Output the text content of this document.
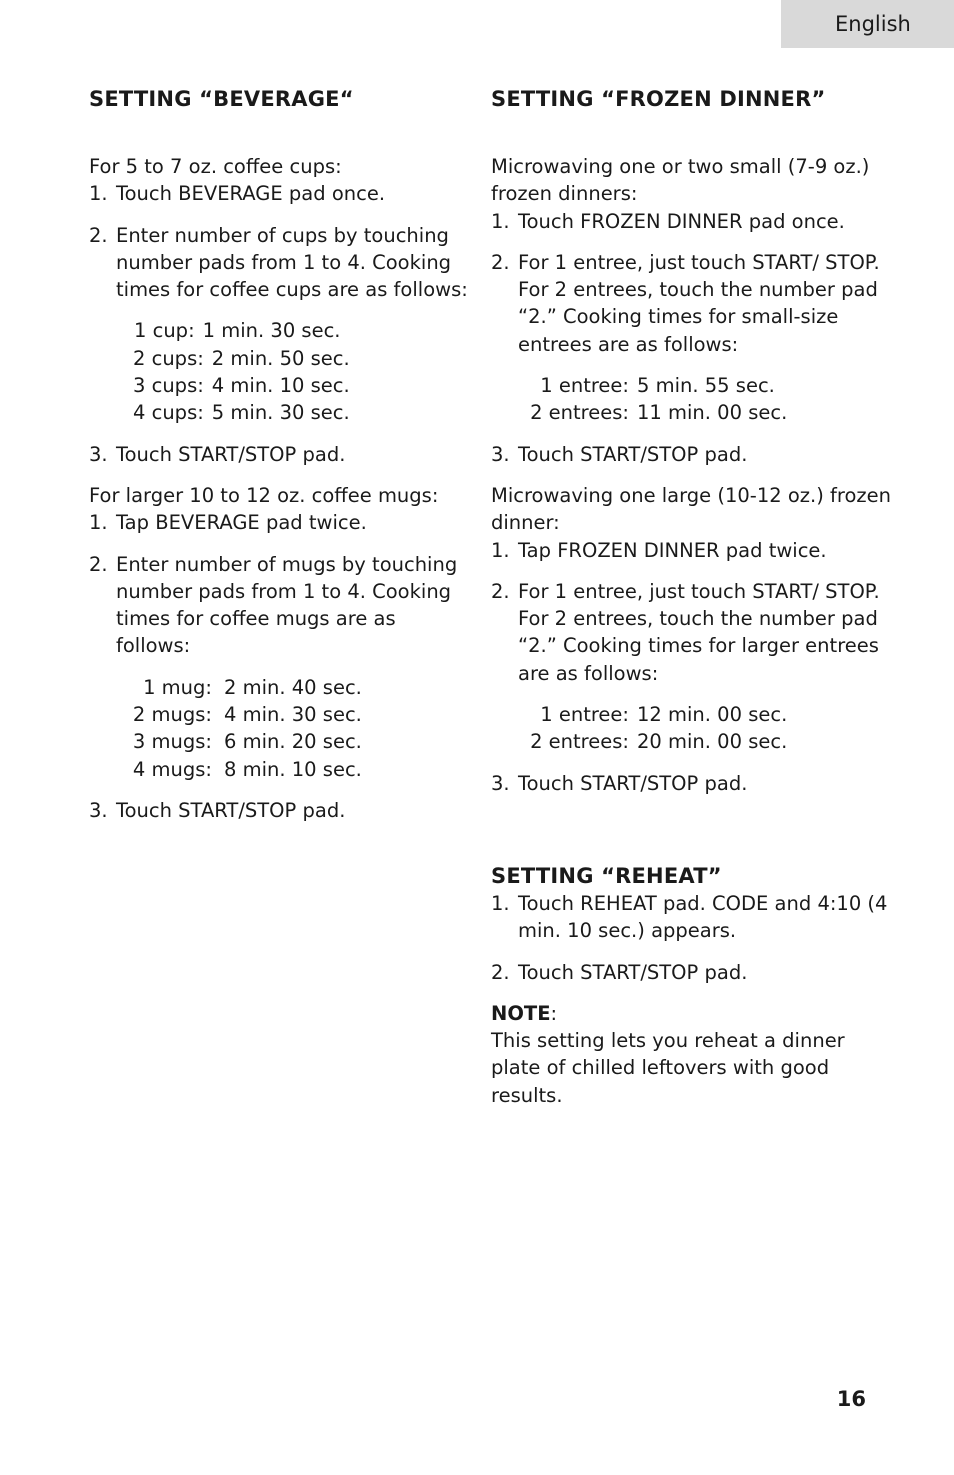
English
SETTING “BEVERAGE“

For 5 to 7 oz. coffee cups:

1. Touch BEVERAGE pad once.
2. Enter number of cups by touching number pads from 1 to 4. Cooking times for coffee cups are as follows:
1 cup: 1 min. 30 sec.
2 cups: 2 min. 50 sec.
3 cups: 4 min. 10 sec.
4 cups: 5 min. 30 sec.
3. Touch START/STOP pad.

For larger 10 to 12 oz. coffee mugs:

1. Tap BEVERAGE pad twice.
2. Enter number of mugs by touching number pads from 1 to 4. Cooking times for coffee mugs are as follows:
1 mug: 2 min. 40 sec.
2 mugs: 4 min. 30 sec.
3 mugs: 6 min. 20 sec.
4 mugs: 8 min. 10 sec.
3. Touch START/STOP pad.
SETTING “FROZEN DINNER”

Microwaving one or two small (7-9 oz.) frozen dinners:

1. Touch FROZEN DINNER pad once.
2. For 1 entree, just touch START/ STOP. For 2 entrees, touch the number pad “2.” Cooking times for small-size entrees are as follows:
1 entree: 5 min. 55 sec.
2 entrees: 11 min. 00 sec.
3. Touch START/STOP pad.

Microwaving one large (10-12 oz.) frozen dinner:

1. Tap FROZEN DINNER pad twice.
2. For 1 entree, just touch START/ STOP. For 2 entrees, touch the number pad “2.” Cooking times for larger entrees are as follows:
1 entree: 12 min. 00 sec.
2 entrees: 20 min. 00 sec.
3. Touch START/STOP pad.
SETTING “REHEAT”
1. Touch REHEAT pad. CODE and 4:10 (4 min. 10 sec.) appears.
2. Touch START/STOP pad.

NOTE:

This setting lets you reheat a dinner plate of chilled leftovers with good results.

16
